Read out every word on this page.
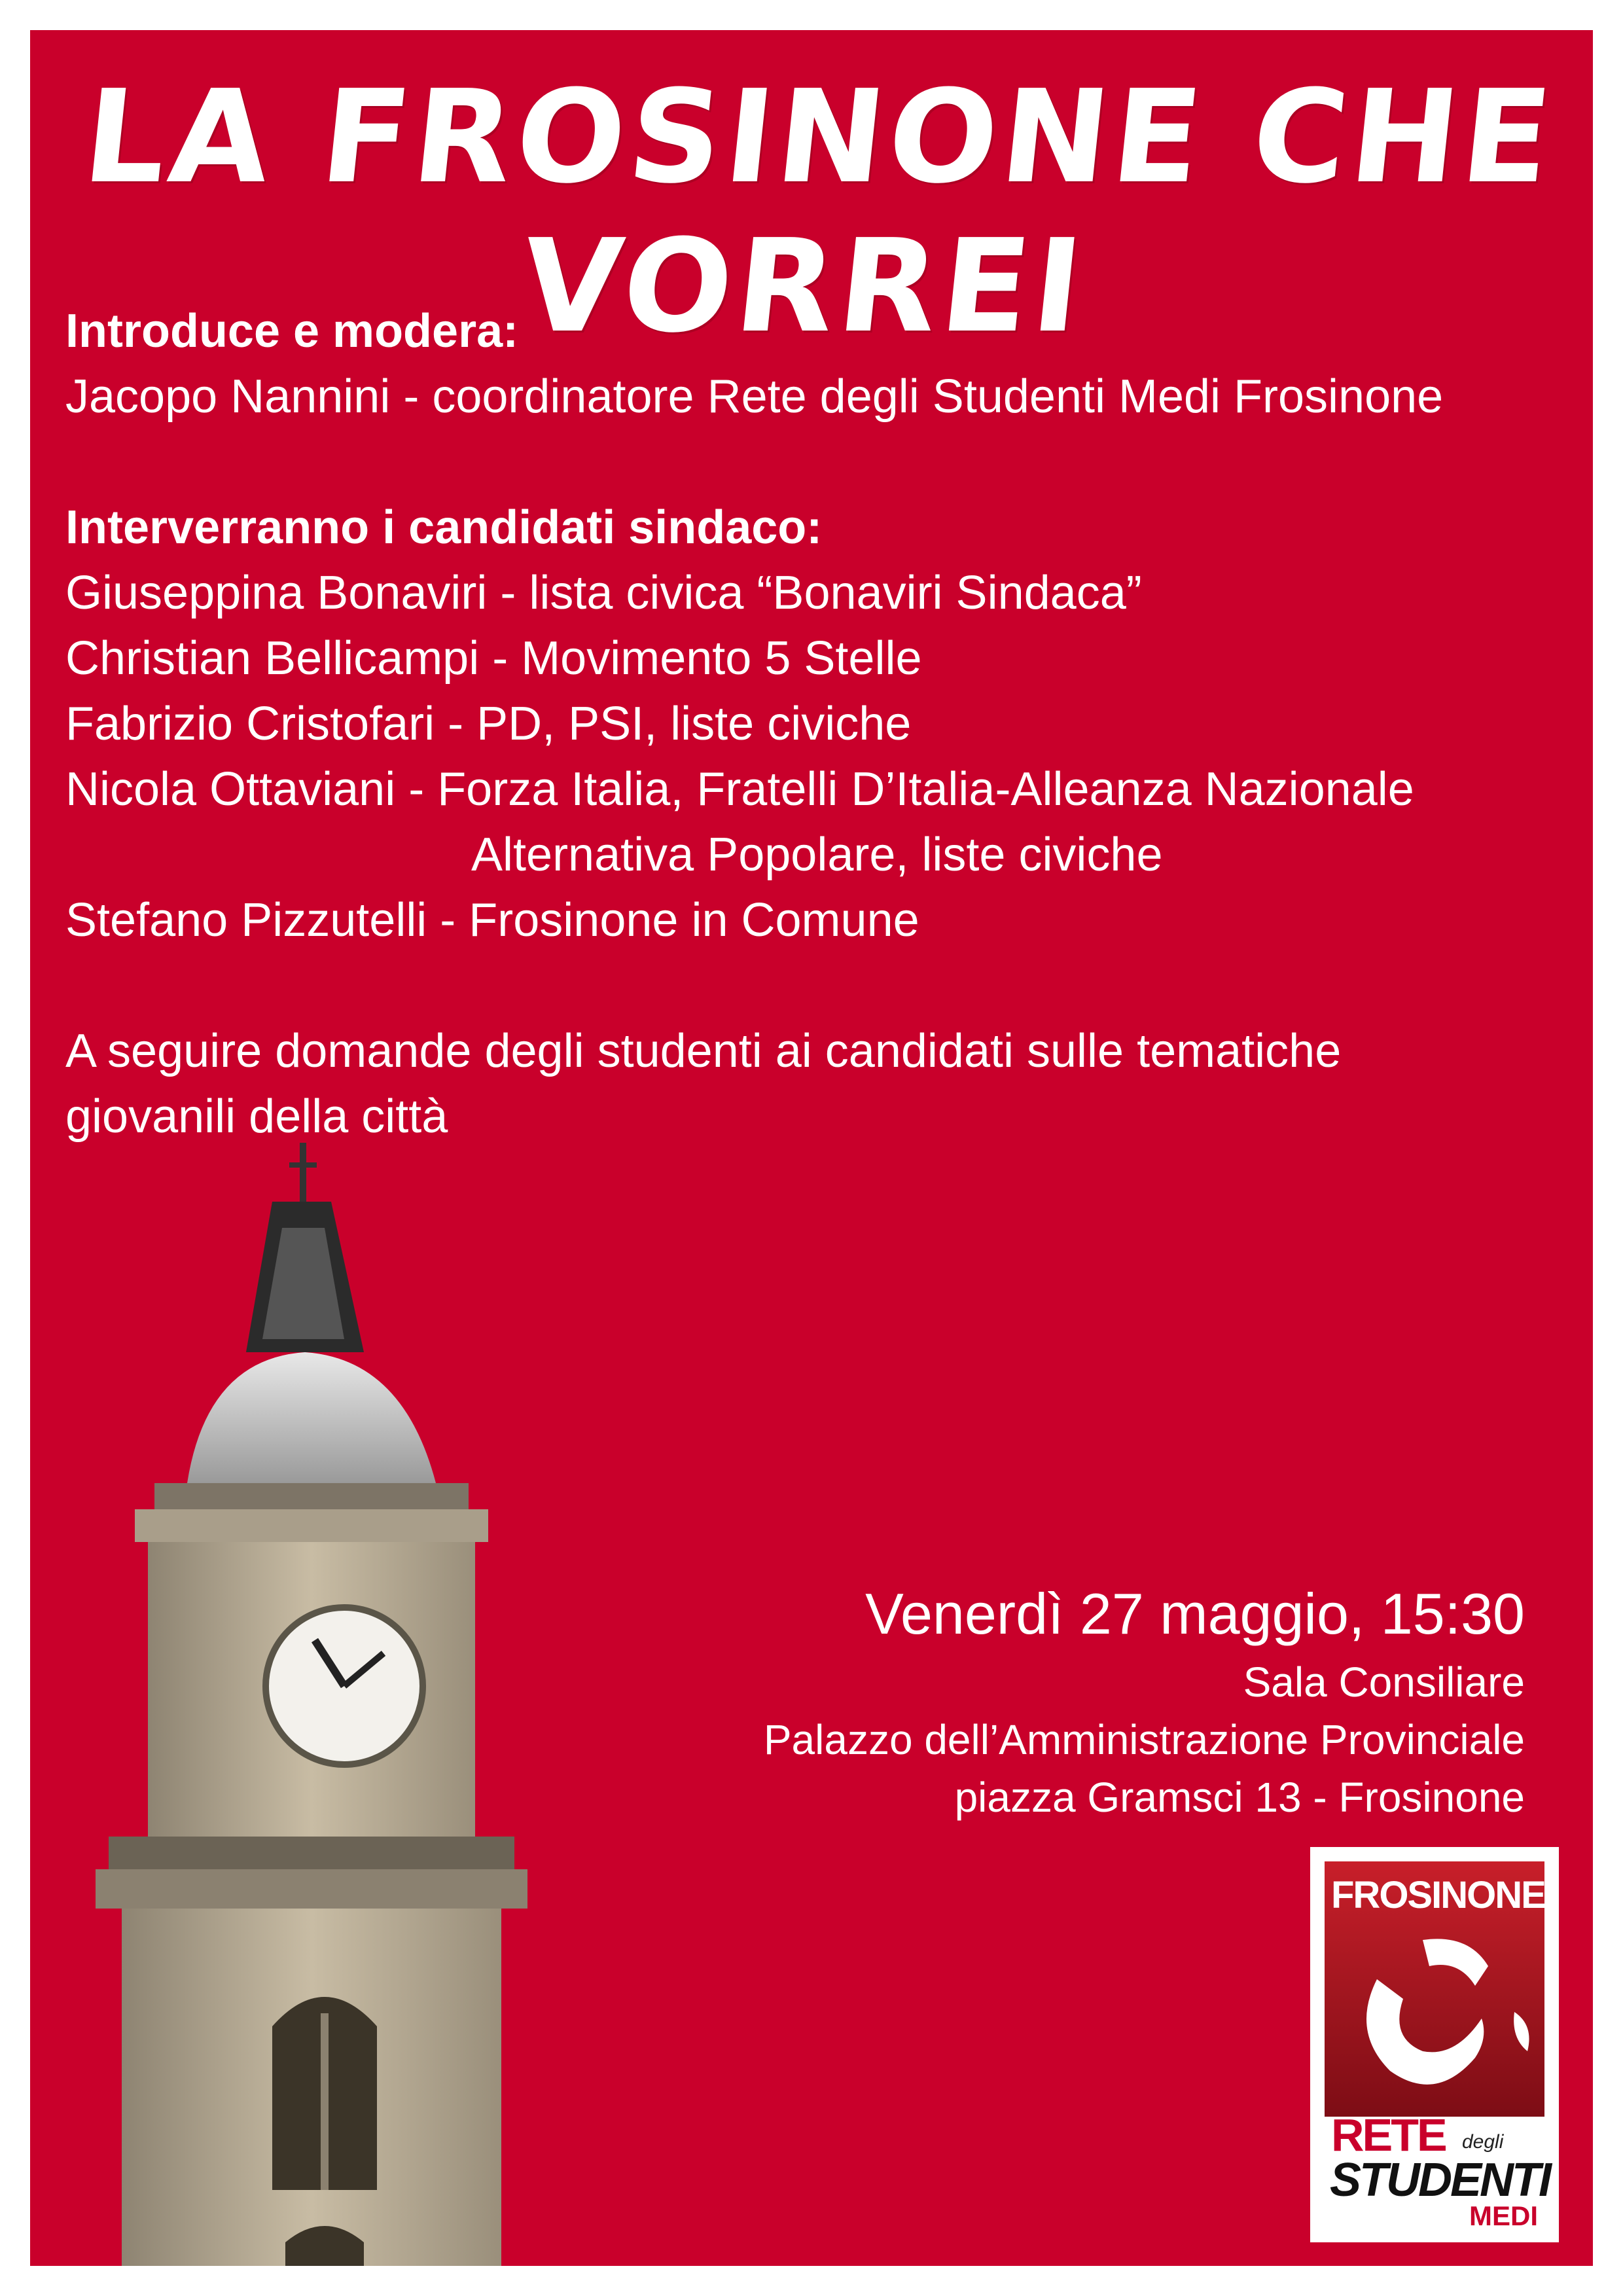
LA FROSINONE CHE VORREI
Introduce e modera:
Jacopo Nannini - coordinatore Rete degli Studenti Medi Frosinone
Interverranno i candidati sindaco:
Giuseppina Bonaviri - lista civica “Bonaviri Sindaca”
Christian Bellicampi - Movimento 5 Stelle
Fabrizio Cristofari - PD, PSI, liste civiche
Nicola Ottaviani - Forza Italia, Fratelli D’Italia-Alleanza Nazionale
Alternativa Popolare, liste civiche
Stefano Pizzutelli - Frosinone in Comune
A seguire domande degli studenti ai candidati sulle tematiche
giovanili della città
Venerdì 27 maggio, 15:30
Sala Consiliare
Palazzo dell’Amministrazione Provinciale
piazza Gramsci 13 - Frosinone
FROSINONE
RETE degli
STUDENTI
MEDI
